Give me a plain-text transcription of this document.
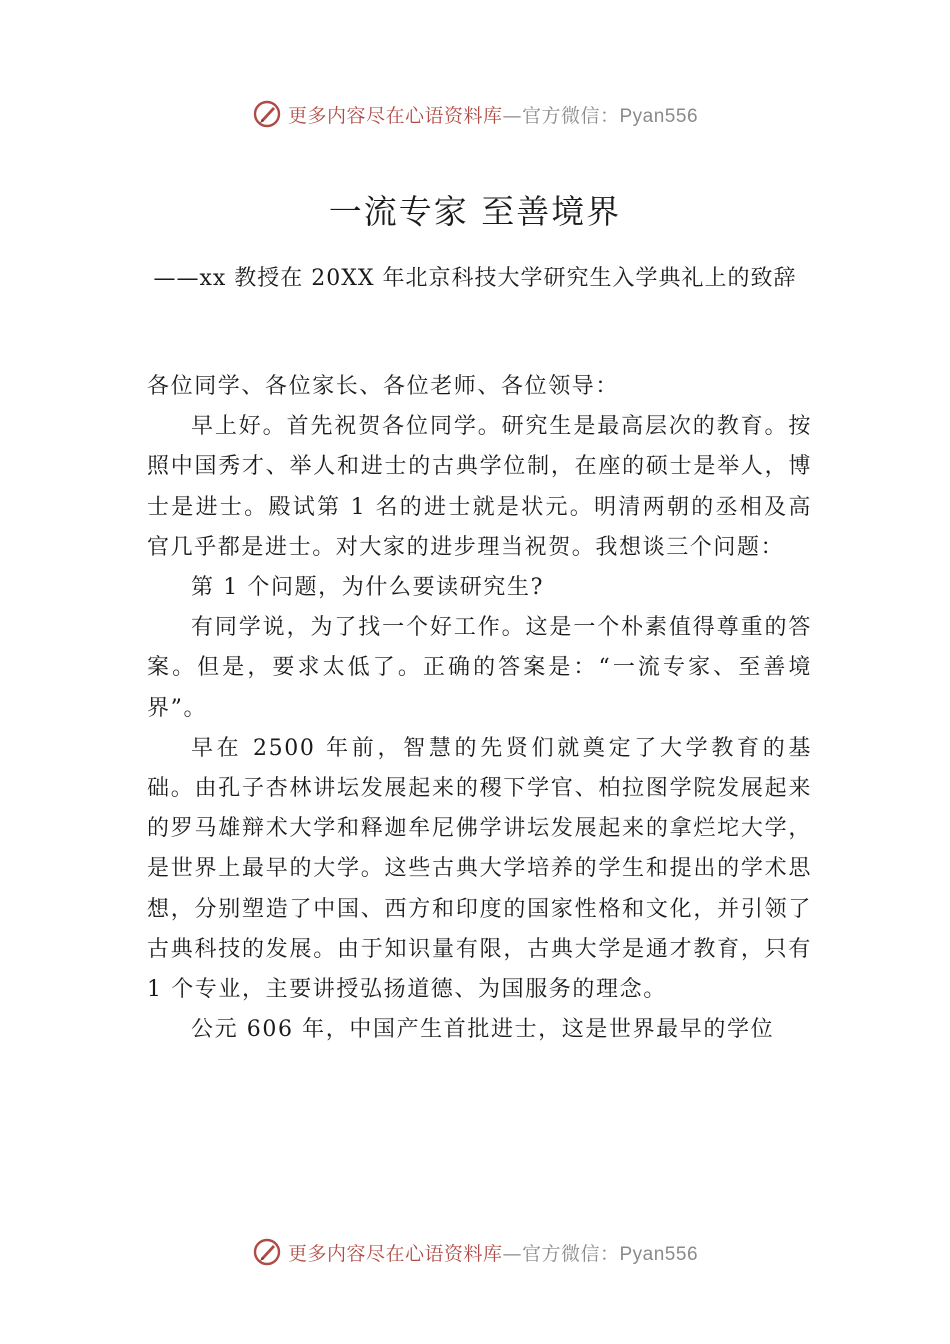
更多内容尽在心语资料库—官方微信：Pyan556
一流专家 至善境界
——xx 教授在 20XX 年北京科技大学研究生入学典礼上的致辞

各位同学、各位家长、各位老师、各位领导：

早上好。首先祝贺各位同学。研究生是最高层次的教育。按照中国秀才、举人和进士的古典学位制，在座的硕士是举人，博士是进士。殿试第 1 名的进士就是状元。明清两朝的丞相及高官几乎都是进士。对大家的进步理当祝贺。我想谈三个问题：

第 1 个问题，为什么要读研究生?

有同学说，为了找一个好工作。这是一个朴素值得尊重的答案。但是，要求太低了。正确的答案是：“一流专家、至善境界”。

早在 2500 年前，智慧的先贤们就奠定了大学教育的基础。由孔子杏林讲坛发展起来的稷下学官、柏拉图学院发展起来的罗马雄辩术大学和释迦牟尼佛学讲坛发展起来的拿烂坨大学，是世界上最早的大学。这些古典大学培养的学生和提出的学术思想，分别塑造了中国、西方和印度的国家性格和文化，并引领了古典科技的发展。由于知识量有限，古典大学是通才教育，只有 1 个专业，主要讲授弘扬道德、为国服务的理念。

公元 606 年，中国产生首批进士，这是世界最早的学位

更多内容尽在心语资料库—官方微信：Pyan556
